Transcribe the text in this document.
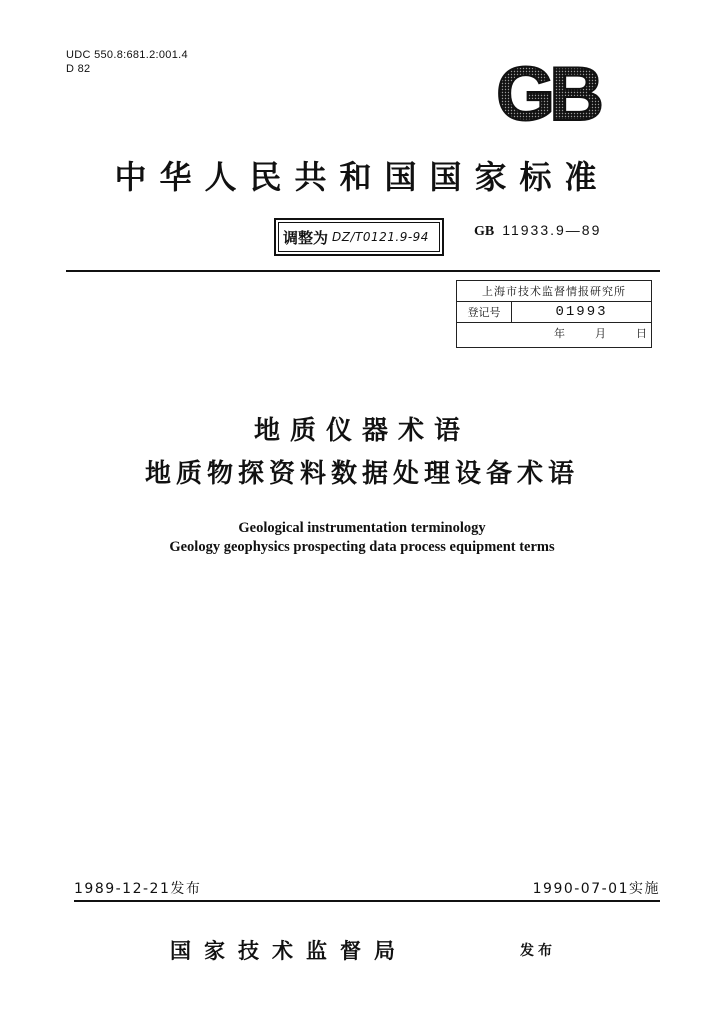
UDC 550.8:681.2:001.4
D 82	GB
中华人民共和国国家标准
调整为 DZ/T0121.9-94	GB 11933.9—89
上海市技术监督情报研究所
登记号	01993
年	月	日
地质仪器术语
地质物探资料数据处理设备术语
Geological instrumentation terminology
Geology geophysics prospecting data process equipment terms
1989-12-21发布	1990-07-01实施
国家技术监督局	发布
